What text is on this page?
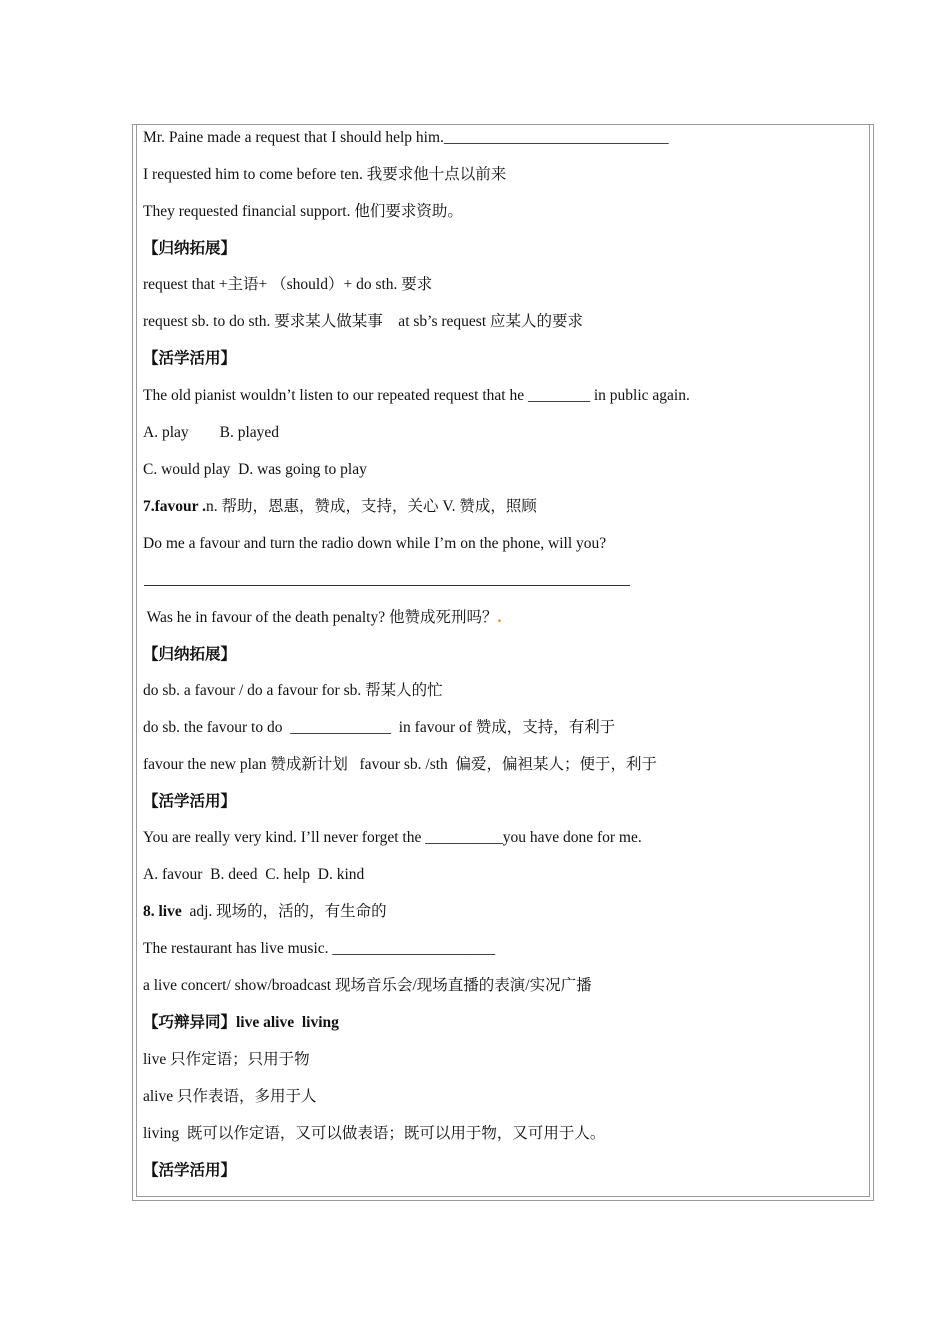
Mr. Paine made a request that I should help him._____________________________
I requested him to come before ten. 我要求他十点以前来
They requested financial support. 他们要求资助。
【归纳拓展】
request that +主语+ （should）+ do sth. 要求
request sb. to do sth. 要求某人做某事    at sb’s request 应某人的要求
【活学活用】
The old pianist wouldn’t listen to our repeated request that he ________ in public again.
A. play        B. played
C. would play  D. was going to play
7.favour .n. 帮助，恩惠，赞成，支持，关心 V. 赞成，照顾
Do me a favour and turn the radio down while I’m on the phone, will you?
Was he in favour of the death penalty? 他赞成死刑吗？.
【归纳拓展】
do sb. a favour / do a favour for sb. 帮某人的忙
do sb. the favour to do  _____________  in favour of 赞成，支持，有利于
favour the new plan 赞成新计划   favour sb. /sth  偏爱，偏袒某人；便于，利于
【活学活用】
You are really very kind. I’ll never forget the __________you have done for me.
A. favour  B. deed  C. help  D. kind
8. live  adj. 现场的，活的，有生命的
The restaurant has live music. _____________________
a live concert/ show/broadcast 现场音乐会/现场直播的表演/实况广播
【巧辩异同】live alive  living
live 只作定语；只用于物
alive 只作表语，多用于人
living  既可以作定语，又可以做表语；既可以用于物，又可用于人。
【活学活用】
